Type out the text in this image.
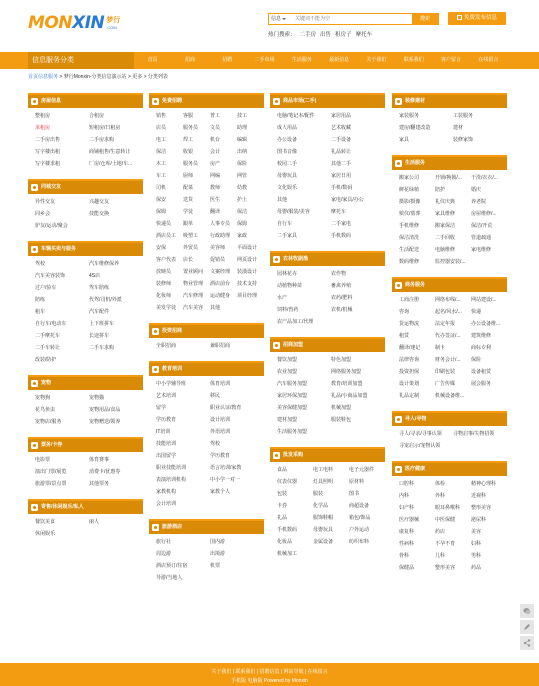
MON XIN 梦行
.COM
信息
关键词不能为空	搜索	免费发布信息
热门搜索： 二手房 出售 租房子 摩托车
信息服务分类	首页	招商	招聘	二手市场	生活服务	最新信息	关于我们	联系我们	客户留言	在线留言
首页信息服务 > 梦行Monxin-分类信息演示站 > 更多 > 分类列表
房屋信息
整租房	合租房
求租房	短租房/日租房
二手房出售	二手房求购
写字楼出租	商铺租售/生意转让
写字楼求租	厂房/仓库/土地/车...
同城交友
异性交友	兴趣交友
同乡会	技能交换
驴友/运动/聚会
车辆买卖与服务
驾校	汽车维修保养
汽车美容装饰	4S店
过户/验车	驾车陪练
陪练	代驾/司机/外派
租车	汽车配件
自行车/电动车	上下班拼车
二手摩托车	长途拼车
二手车转让	二手车求购
改装/防护
宠物
宠物狗	宠物猫
花鸟鱼虫	宠物用品/食品
宠物店/服务	宠物赠送/领养
票务/卡券
电影票	体育赛事
演出门票/展览	消费卡/优惠券
旅游票/景点票	其他票务
寄售/休闲娱乐/私人
餐饮美食	丽人
休闲娱乐
免费招聘
销售	客服	普工	技工
店员	服务员	文员	助理
电工	焊工	机台	编辑
保洁	收银	会计	出纳
木工	服务员	房产	保险
车工	厨师	网编	网管
司机	配菜	教师	幼教
保安	送货	医生	护士
保姆	学徒	翻译	保洁
快递员	跟单	人事专员	保姆
酒店员工	吸塑工	行政助理	家政
安保	外贸员	美容师	平面设计
客户代表	店长	促销员	网页设计
放映员	置业顾问	文案经理	装潢设计
装修师	物业管理	酒店前台	技术支持
化妆师	汽车修理	运动健身	项目经理
美发学徒	汽车美容	其他
投资招商
全职招商	兼职招商
教育培训
中小学辅导班	体育培训
艺术培训	移民
留学	职业认证/教育
学历教育	设计培训
IT培训	外语培训
技能培训	驾校
出国留学	学历教育
职业技能培训	语言培训/家教
表演培训机构	中小学一对一
家教机构	家教个人
会计培训
旅游酒店
旅行社	国内游
周边游	出境游
酒店预订/住宿	机票
导游/当地人
商品市场(二手)
电脑/笔记本/配件	家居用品
成人用品	艺术收藏
办公设备	二手设备
图书音像	礼品转让
校园二手	其他二手
母婴玩具	家居日用
文化娱乐	手机/数码
其他	家电/家具/办公
母婴/服装/美容	摩托车
自行车	二手家电
二手家具	手机数码
农林牧副渔
园林花卉	农作物
动植物种苗	畜禽养殖
水产	农药/肥料
饲料/兽药	农机/机械
农产品加工/代理
招商加盟
餐饮加盟	特色加盟
农业加盟	网络服务加盟
汽车服务加盟	教育/培训加盟
家居环保加盟	礼品/小商品加盟
美容保健加盟	机械加盟
建材加盟	服装鞋包
生活服务加盟
批发采购
食品	电工电料	电子元器件
仪表仪器	灯具照明	原材料
包装	服装	图书
卡券	化学品	商超设备
礼品	服饰鞋帽	箱包/饰品
手机数码	母婴玩具	户外运动
化妆品	金属设备	纺织布料
机械加工
装修建材
家装服务	工装服务
建房/翻建改造	建材
家具	装修家饰
生活服务
搬家公司	开锁/换锁/...	干洗/衣衣/...
鲜花绿植	陪护	婚庆
摄影/摄像	礼仪庆典	养老院
殡仪/墓葬	家具维修	房屋维修/...
手机维修	搬家保洁	保洁/开荒
保洁清洗	二手回收	管道疏通
生活配送	电脑维修	家电维修
数码维修	监控器安装/...
商务服务
工商注册	网络布线/...	网站建设/...
咨询	起名/风水/...	快递
货运物流	法定年报	办公设备维...
租赁	代办签证/...	建筑维修
翻译/速记	制卡	商标专利
法律咨询	财务会计/...	保险
投资担保	印刷包装	设备租赁
设计策划	广告传媒	展会服务
礼品定制	机械设备维...
寻人/寻物
寻人/寻亲/寻事认领	寻物启事/失物招领
寻宠启示/宠物认领
医疗健康
口腔科	体检	精神心理科
内科	外科	近视科
妇产科	眼耳鼻喉科	整形美容
医疗器械	中医保健	泌尿科
康复科	药店	美容
性病科	不孕不育	妇科
骨科	儿科	男科
保健品	整形美容	药品
关于我们 | 联系我们 | 招聘信息 | 网站导航 | 在线留言
手机版 电脑版 Powered by Monxin
